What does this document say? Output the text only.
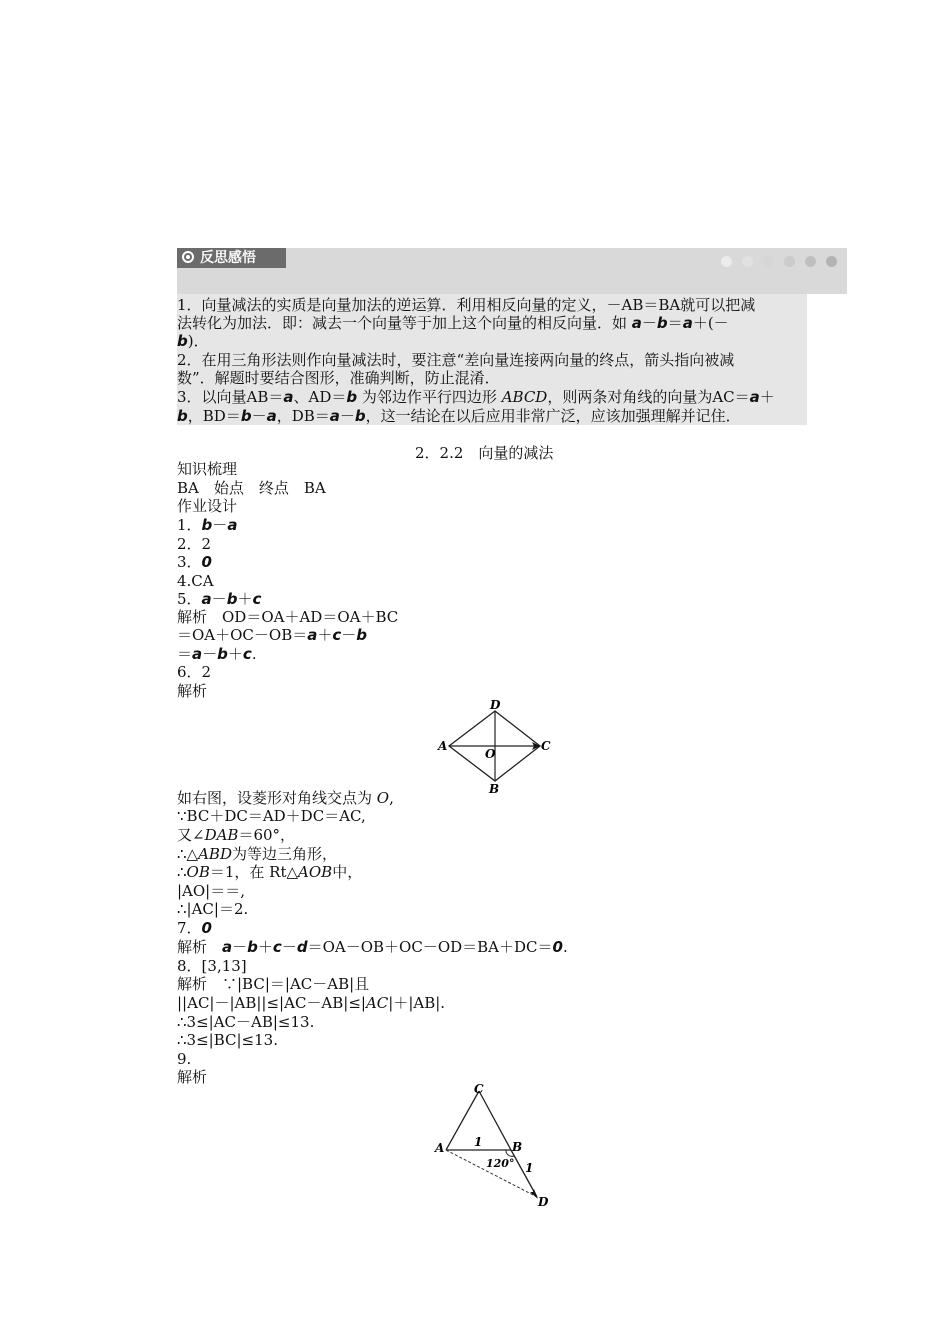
反思感悟
1．向量减法的实质是向量加法的逆运算．利用相反向量的定义，－AB＝BA就可以把减
法转化为加法．即：减去一个向量等于加上这个向量的相反向量．如 a－b＝a＋(－
b)．
2．在用三角形法则作向量减法时，要注意“差向量连接两向量的终点，箭头指向被减
数”．解题时要结合图形，准确判断，防止混淆．
3．以向量AB＝a、AD＝b 为邻边作平行四边形 ABCD，则两条对角线的向量为AC＝a＋
b，BD＝b－a，DB＝a－b，这一结论在以后应用非常广泛，应该加强理解并记住．
2．2.2　向量的减法
知识梳理
BA　始点　终点　BA
作业设计
1．b－a
2．2
3．0
4.CA
5．a－b＋c
解析　OD＝OA＋AD＝OA＋BC
＝OA＋OC－OB＝a＋c－b
＝a－b＋c.
6．2
解析
如右图，设菱形对角线交点为 O,
∵BC＋DC＝AD＋DC＝AC,
又∠DAB＝60°，
∴△ABD为等边三角形，
∴OB＝1，在 Rt△AOB中，
|AO|＝＝,
∴|AC|＝2.
7．0
解析　a－b＋c－d＝OA－OB＋OC－OD＝BA＋DC＝0.
8．[3,13]
解析　∵|BC|＝|AC－AB|且
||AC|－|AB||≤|AC－AB|≤|AC|＋|AB|.
∴3≤|AC－AB|≤13.
∴3≤|BC|≤13.
9.
解析
D
A
O
C
B
C
A 1 B
120° 1
D
